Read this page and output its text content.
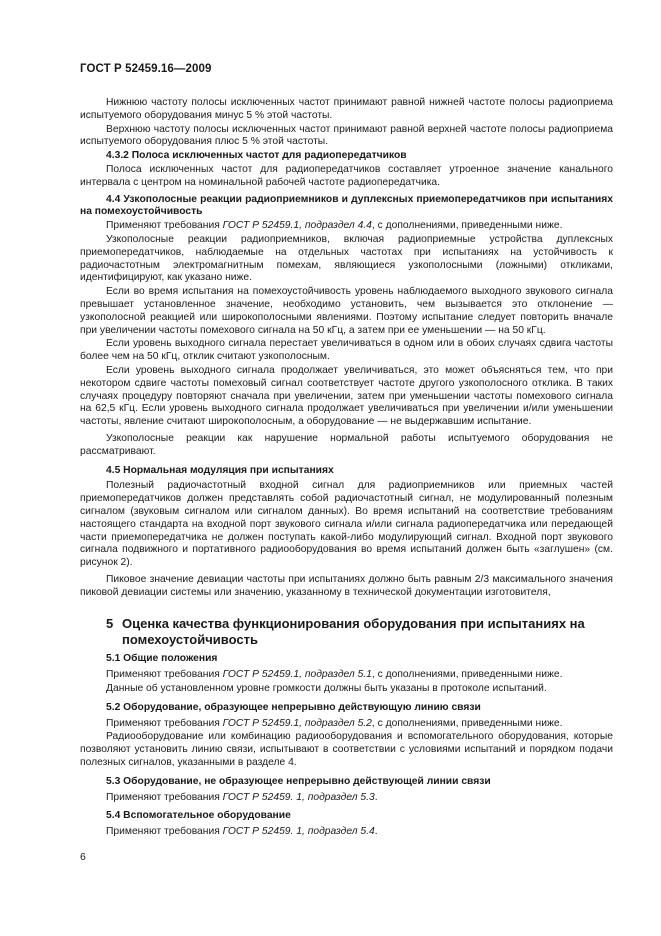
ГОСТ Р 52459.16—2009

Нижнюю частоту полосы исключенных частот принимают равной нижней частоте полосы радиоприема испытуемого оборудования минус 5 % этой частоты.

Верхнюю частоту полосы исключенных частот принимают равной верхней частоте полосы радиоприема испытуемого оборудования плюс 5 % этой частоты.

4.3.2 Полоса исключенных частот для радиопередатчиков

Полоса исключенных частот для радиопередатчиков составляет утроенное значение канального интервала с центром на номинальной рабочей частоте радиопередатчика.

4.4 Узкополосные реакции радиоприемников и дуплексных приемопередатчиков при испытаниях на помехоустойчивость

Применяют требования ГОСТ Р 52459.1, подраздел 4.4, с дополнениями, приведенными ниже.

Узкополосные реакции радиоприемников, включая радиоприемные устройства дуплексных приемопередатчиков, наблюдаемые на отдельных частотах при испытаниях на устойчивость к радиочастотным электромагнитным помехам, являющиеся узкополосными (ложными) откликами, идентифицируют, как указано ниже.

Если во время испытания на помехоустойчивость уровень наблюдаемого выходного звукового сигнала превышает установленное значение, необходимо установить, чем вызывается это отклонение — узкополосной реакцией или широкополосными явлениями. Поэтому испытание следует повторить вначале при увеличении частоты помехового сигнала на 50 кГц, а затем при ее уменьшении — на 50 кГц.

Если уровень выходного сигнала перестает увеличиваться в одном или в обоих случаях сдвига частоты более чем на 50 кГц, отклик считают узкополосным.

Если уровень выходного сигнала продолжает увеличиваться, это может объясняться тем, что при некотором сдвиге частоты помеховый сигнал соответствует частоте другого узкополосного отклика. В таких случаях процедуру повторяют сначала при увеличении, затем при уменьшении частоты помехового сигнала на 62,5 кГц. Если уровень выходного сигнала продолжает увеличиваться при увеличении и/или уменьшении частоты, явление считают широкополосным, а оборудование — не выдержавшим испытание.

Узкополосные реакции как нарушение нормальной работы испытуемого оборудования не рассматривают.

4.5 Нормальная модуляция при испытаниях

Полезный радиочастотный входной сигнал для радиоприемников или приемных частей приемопередатчиков должен представлять собой радиочастотный сигнал, не модулированный полезным сигналом (звуковым сигналом или сигналом данных). Во время испытаний на соответствие требованиям настоящего стандарта на входной порт звукового сигнала и/или сигнала радиопередатчика или передающей части приемопередатчика не должен поступать какой-либо модулирующий сигнал. Входной порт звукового сигнала подвижного и портативного радиооборудования во время испытаний должен быть «заглушен» (см. рисунок 2).

Пиковое значение девиации частоты при испытаниях должно быть равным 2/3 максимального значения пиковой девиации системы или значению, указанному в технической документации изготовителя,

5 Оценка качества функционирования оборудования при испытаниях на помехоустойчивость

5.1 Общие положения

Применяют требования ГОСТ Р 52459.1, подраздел 5.1, с дополнениями, приведенными ниже.

Данные об установленном уровне громкости должны быть указаны в протоколе испытаний.

5.2 Оборудование, образующее непрерывно действующую линию связи

Применяют требования ГОСТ Р 52459.1, подраздел 5.2, с дополнениями, приведенными ниже.

Радиооборудование или комбинацию радиооборудования и вспомогательного оборудования, которые позволяют установить линию связи, испытывают в соответствии с условиями испытаний и порядком подачи полезных сигналов, указанными в разделе 4.

5.3 Оборудование, не образующее непрерывно действующей линии связи

Применяют требования ГОСТ Р 52459. 1, подраздел 5.3.

5.4 Вспомогательное оборудование

Применяют требования ГОСТ Р 52459. 1, подраздел 5.4.

6
